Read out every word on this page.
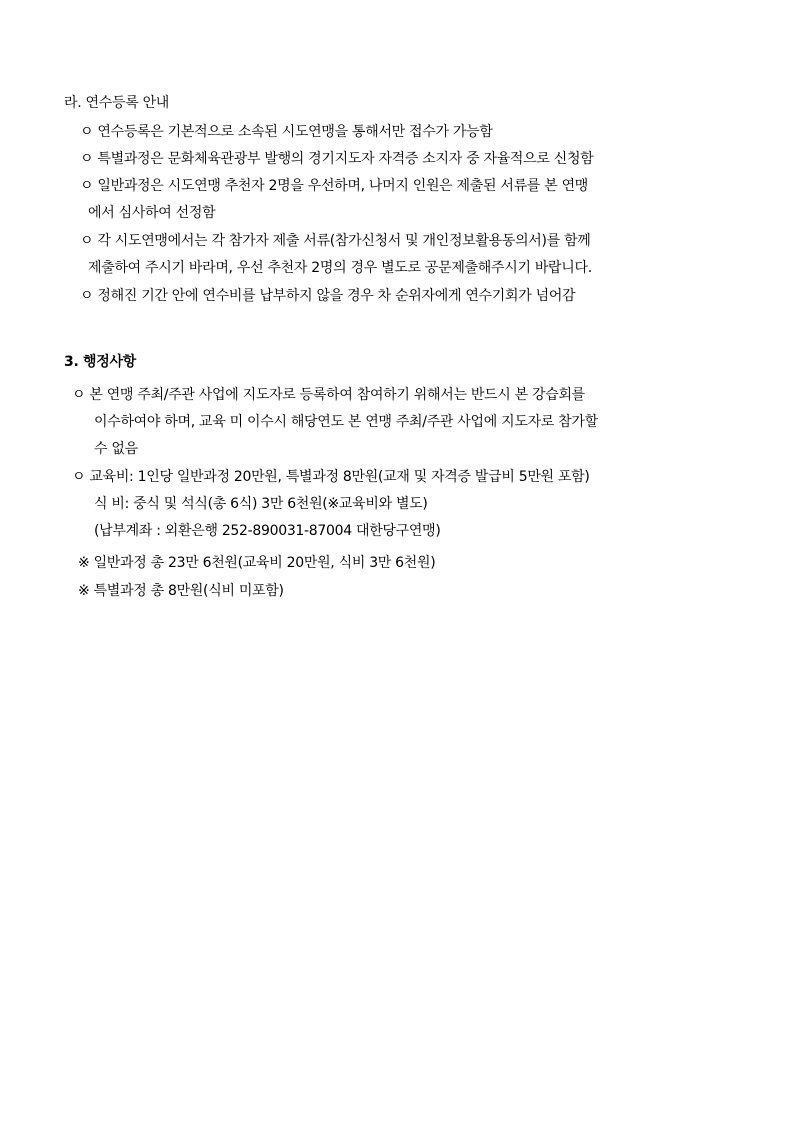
라. 연수등록 안내
ㅇ 연수등록은 기본적으로 소속된 시도연맹을 통해서만 접수가 가능함
ㅇ 특별과정은 문화체육관광부 발행의 경기지도자 자격증 소지자 중 자율적으로 신청함
ㅇ 일반과정은 시도연맹 추천자 2명을 우선하며, 나머지 인원은 제출된 서류를 본 연맹
에서 심사하여 선정함
ㅇ 각 시도연맹에서는 각 참가자 제출 서류(참가신청서 및 개인정보활용동의서)를 함께
제출하여 주시기 바라며, 우선 추천자 2명의 경우 별도로 공문제출해주시기 바랍니다.
ㅇ 정해진 기간 안에 연수비를 납부하지 않을 경우 차 순위자에게 연수기회가 넘어감
3. 행정사항
ㅇ 본 연맹 주최/주관 사업에 지도자로 등록하여 참여하기 위해서는 반드시 본 강습회를
이수하여야 하며, 교육 미 이수시 해당연도 본 연맹 주최/주관 사업에 지도자로 참가할
수 없음
ㅇ 교육비: 1인당 일반과정 20만원, 특별과정 8만원(교재 및 자격증 발급비 5만원 포함)
식 비: 중식 및 석식(총 6식) 3만 6천원(※교육비와 별도)
(납부계좌 : 외환은행 252-890031-87004 대한당구연맹)
※ 일반과정 총 23만 6천원(교육비 20만원, 식비 3만 6천원)
※ 특별과정 총 8만원(식비 미포함)
